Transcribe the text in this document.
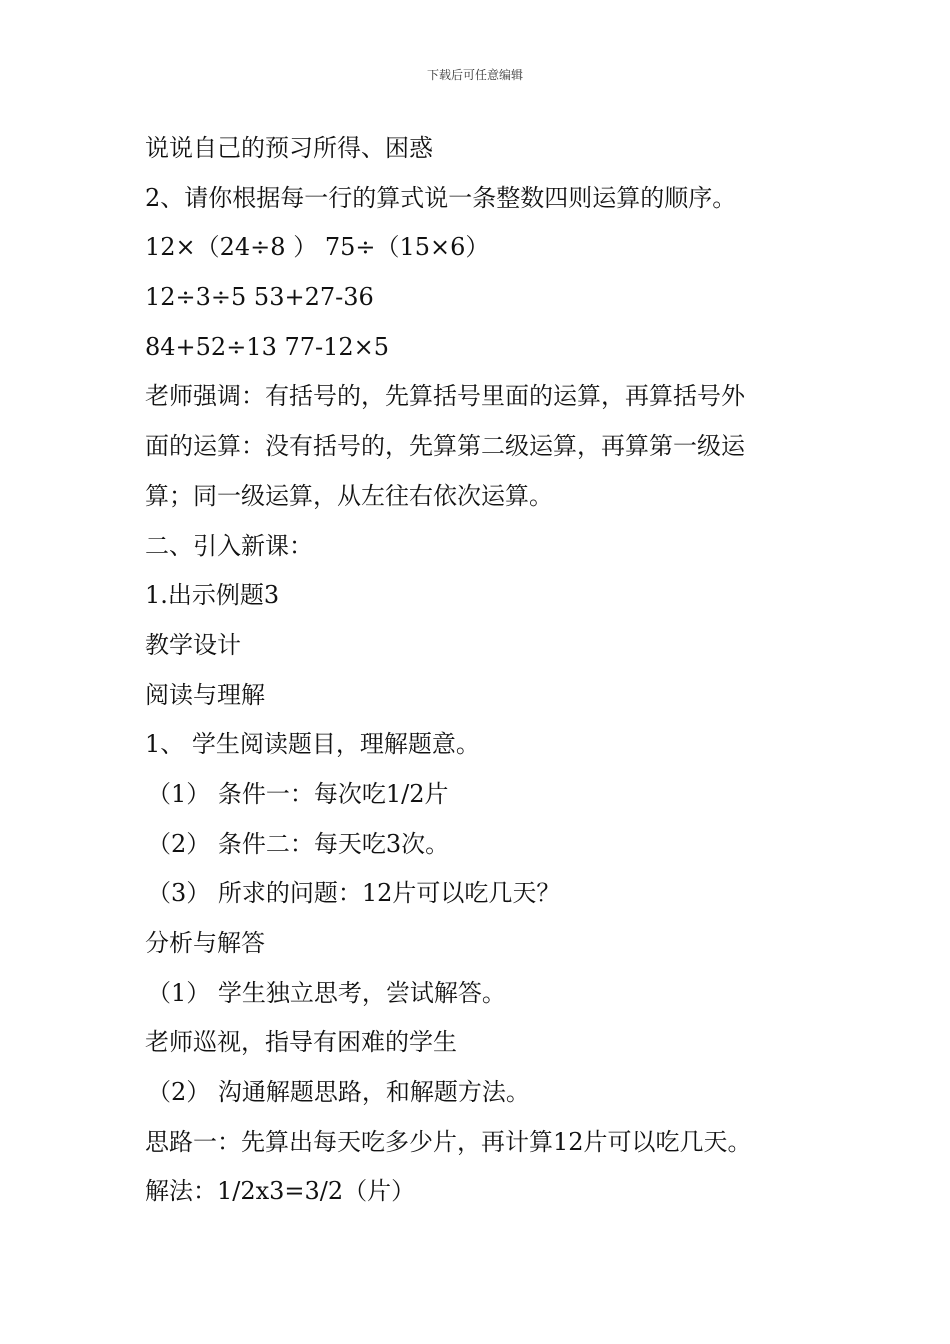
下载后可任意编辑
说说自己的预习所得、困惑
2、请你根据每一行的算式说一条整数四则运算的顺序。
12×（24÷8 ） 75÷（15×6）
12÷3÷5 53+27-36
84+52÷13 77-12×5
老师强调：有括号的，先算括号里面的运算，再算括号外
面的运算：没有括号的，先算第二级运算，再算第一级运
算；同一级运算，从左往右依次运算。
二、引入新课：
1.出示例题3
教学设计
阅读与理解
1、 学生阅读题目，理解题意。
（1） 条件一：每次吃1/2片
（2） 条件二：每天吃3次。
（3） 所求的问题：12片可以吃几天？
分析与解答
（1） 学生独立思考，尝试解答。
老师巡视，指导有困难的学生
（2） 沟通解题思路，和解题方法。
思路一：先算出每天吃多少片，再计算12片可以吃几天。
解法：1/2x3=3/2（片）
